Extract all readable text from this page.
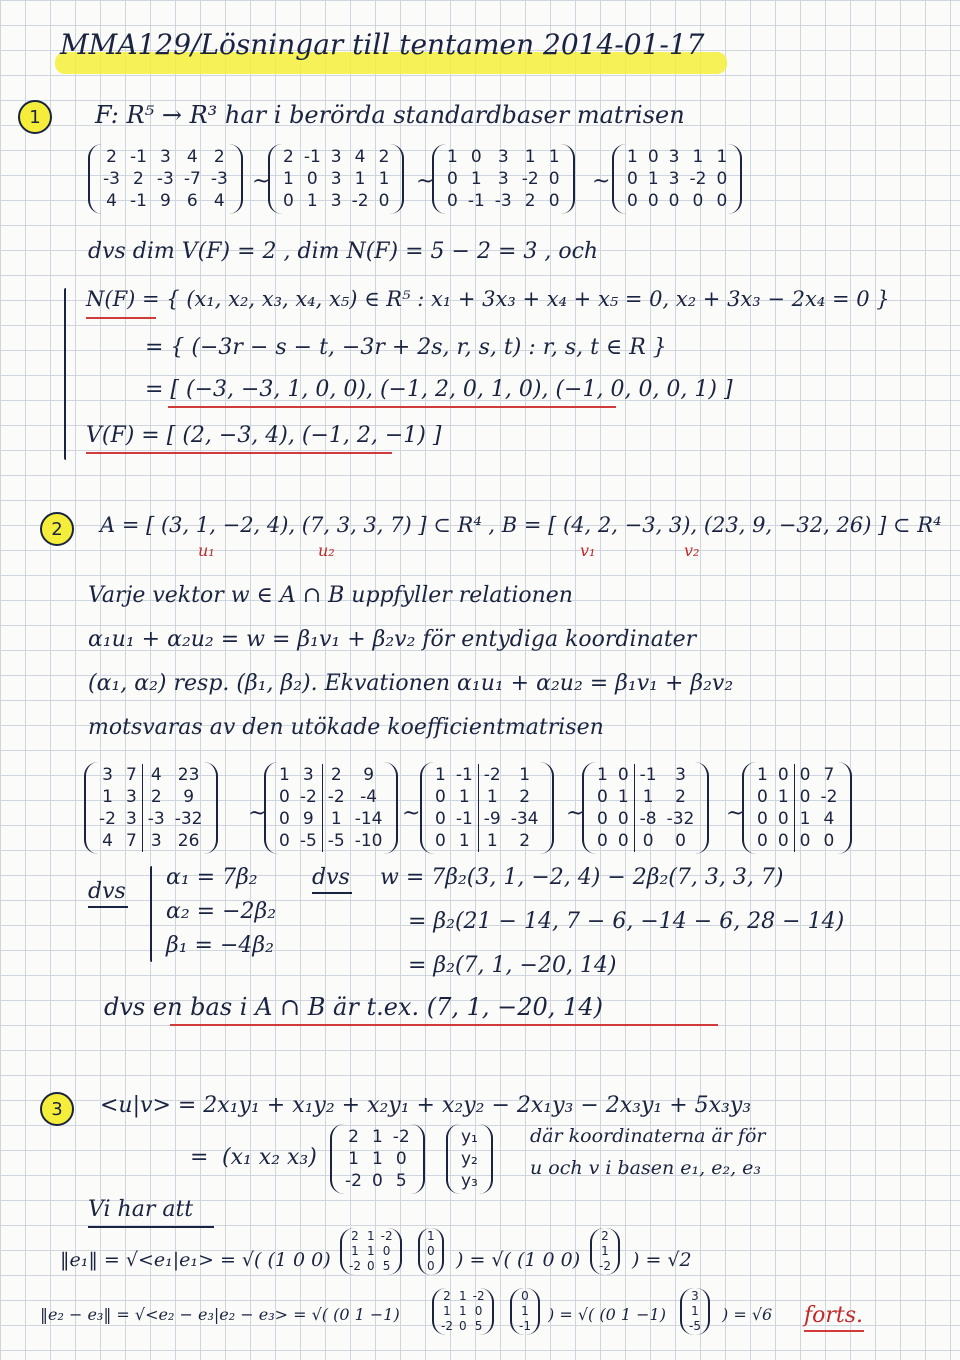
MMA129/Lösningar till tentamen 2014-01-17
1	F: R⁵ → R³ har i berörda standardbaser matrisen
2	-1	3	4	2
-3	2	-3	-7	-3
4	-1	9	6	4
~
2	-1	3	4	2
1	0	3	1	1
0	1	3	-2	0
~
1	0	3	1	1
0	1	3	-2	0
0	-1	-3	2	0
~
1	0	3	1	1
0	1	3	-2	0
0	0	0	0	0
dvs dim V(F) = 2 , dim N(F) = 5 − 2 = 3 , och
N(F) = { (x₁, x₂, x₃, x₄, x₅) ∈ R⁵ : x₁ + 3x₃ + x₄ + x₅ = 0, x₂ + 3x₃ − 2x₄ = 0 }
= { (−3r − s − t, −3r + 2s, r, s, t) : r, s, t ∈ R }
= [ (−3, −3, 1, 0, 0), (−1, 2, 0, 1, 0), (−1, 0, 0, 0, 1) ]
V(F) = [ (2, −3, 4), (−1, 2, −1) ]
2	A = [ (3, 1, −2, 4), (7, 3, 3, 7) ] ⊂ R⁴ , B = [ (4, 2, −3, 3), (23, 9, −32, 26) ] ⊂ R⁴
u₁	u₂	v₁	v₂
Varje vektor w ∈ A ∩ B uppfyller relationen
α₁u₁ + α₂u₂ = w = β₁v₁ + β₂v₂ för entydiga koordinater
(α₁, α₂) resp. (β₁, β₂). Ekvationen α₁u₁ + α₂u₂ = β₁v₁ + β₂v₂
motsvaras av den utökade koefficientmatrisen
3	7	4	23
1	3	2	9
-2	3	-3	-32
4	7	3	26
~
1	3	2	9
0	-2	-2	-4
0	9	1	-14
0	-5	-5	-10
~
1	-1	-2	1
0	1	1	2
0	-1	-9	-34
0	1	1	2
~
1	0	-1	3
0	1	1	2
0	0	-8	-32
0	0	0	0
~
1	0	0	7
0	1	0	-2
0	0	1	4
0	0	0	0
dvs
α₁ = 7β₂
α₂ = −2β₂
β₁ = −4β₂
dvs w = 7β₂(3, 1, −2, 4) − 2β₂(7, 3, 3, 7)
= β₂(21 − 14, 7 − 6, −14 − 6, 28 − 14)
= β₂(7, 1, −20, 14)
dvs en bas i A ∩ B är t.ex. (7, 1, −20, 14)
3	<u|v> = 2x₁y₁ + x₁y₂ + x₂y₁ + x₂y₂ − 2x₁y₃ − 2x₃y₁ + 5x₃y₃
= (x₁ x₂ x₃)
2	1	-2
1	1	0
-2	0	5
y₁
y₂
y₃
där koordinaterna är för
u och v i basen e₁, e₂, e₃
Vi har att
‖e₁‖ = √<e₁|e₁> = √( (1 0 0)
2	1	-2
1	1	0
-2	0	5
1
0
0 ) = √( (1 0 0)
2
1
-2 ) = √2
‖e₂ − e₃‖ = √<e₂ − e₃|e₂ − e₃> = √( (0 1 −1)
2	1	-2
1	1	0
-2	0	5
0
1
-1
) = √( (0 1 −1)
3
1
-5
) = √6 forts.
